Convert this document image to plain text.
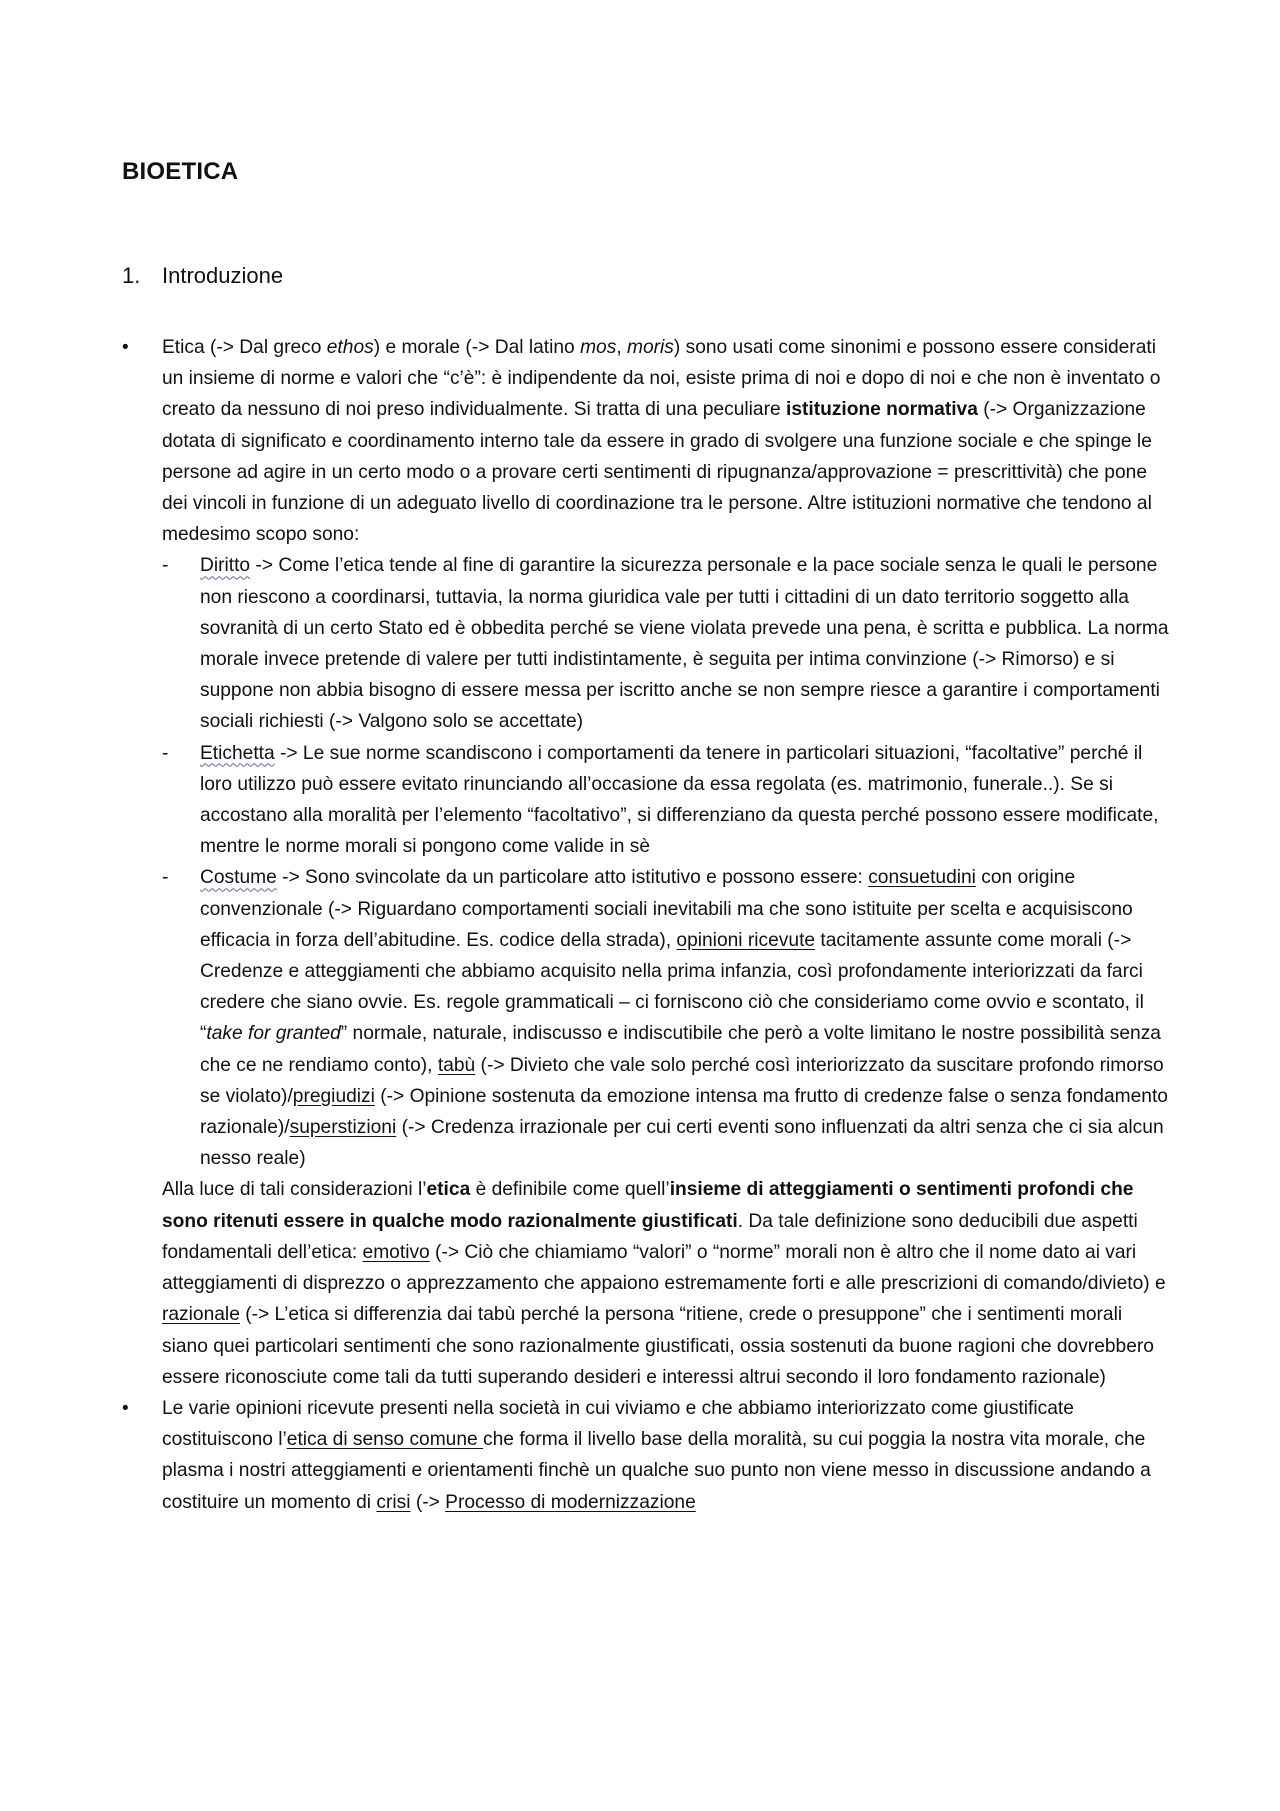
BIOETICA
1. Introduzione
• Etica (-> Dal greco ethos) e morale (-> Dal latino mos, moris) sono usati come sinonimi e possono essere considerati un insieme di norme e valori che “c’è”: è indipendente da noi, esiste prima di noi e dopo di noi e che non è inventato o creato da nessuno di noi preso individualmente. Si tratta di una peculiare istituzione normativa (-> Organizzazione dotata di significato e coordinamento interno tale da essere in grado di svolgere una funzione sociale e che spinge le persone ad agire in un certo modo o a provare certi sentimenti di ripugnanza/approvazione = prescrittività) che pone dei vincoli in funzione di un adeguato livello di coordinazione tra le persone. Altre istituzioni normative che tendono al medesimo scopo sono:
- Diritto -> Come l’etica tende al fine di garantire la sicurezza personale e la pace sociale senza le quali le persone non riescono a coordinarsi, tuttavia, la norma giuridica vale per tutti i cittadini di un dato territorio soggetto alla sovranità di un certo Stato ed è obbedita perché se viene violata prevede una pena, è scritta e pubblica. La norma morale invece pretende di valere per tutti indistintamente, è seguita per intima convinzione (-> Rimorso) e si suppone non abbia bisogno di essere messa per iscritto anche se non sempre riesce a garantire i comportamenti sociali richiesti (-> Valgono solo se accettate)
- Etichetta -> Le sue norme scandiscono i comportamenti da tenere in particolari situazioni, “facoltative” perché il loro utilizzo può essere evitato rinunciando all’occasione da essa regolata (es. matrimonio, funerale..). Se si accostano alla moralità per l’elemento “facoltativo”, si differenziano da questa perché possono essere modificate, mentre le norme morali si pongono come valide in sè
- Costume -> Sono svincolate da un particolare atto istitutivo e possono essere: consuetudini con origine convenzionale (-> Riguardano comportamenti sociali inevitabili ma che sono istituite per scelta e acquisiscono efficacia in forza dell’abitudine. Es. codice della strada), opinioni ricevute tacitamente assunte come morali (-> Credenze e atteggiamenti che abbiamo acquisito nella prima infanzia, così profondamente interiorizzati da farci credere che siano ovvie. Es. regole grammaticali – ci forniscono ciò che consideriamo come ovvio e scontato, il “take for granted” normale, naturale, indiscusso e indiscutibile che però a volte limitano le nostre possibilità senza che ce ne rendiamo conto), tabù (-> Divieto che vale solo perché così interiorizzato da suscitare profondo rimorso se violato)/pregiudizi (-> Opinione sostenuta da emozione intensa ma frutto di credenze false o senza fondamento razionale)/superstizioni (-> Credenza irrazionale per cui certi eventi sono influenzati da altri senza che ci sia alcun nesso reale)
Alla luce di tali considerazioni l’etica è definibile come quell’insieme di atteggiamenti o sentimenti profondi che sono ritenuti essere in qualche modo razionalmente giustificati. Da tale definizione sono deducibili due aspetti fondamentali dell’etica: emotivo (-> Ciò che chiamiamo “valori” o “norme” morali non è altro che il nome dato ai vari atteggiamenti di disprezzo o apprezzamento che appaiono estremamente forti e alle prescrizioni di comando/divieto) e razionale (-> L’etica si differenzia dai tabù perché la persona “ritiene, crede o presuppone” che i sentimenti morali siano quei particolari sentimenti che sono razionalmente giustificati, ossia sostenuti da buone ragioni che dovrebbero essere riconosciute come tali da tutti superando desideri e interessi altrui secondo il loro fondamento razionale)
• Le varie opinioni ricevute presenti nella società in cui viviamo e che abbiamo interiorizzato come giustificate costituiscono l’etica di senso comune che forma il livello base della moralità, su cui poggia la nostra vita morale, che plasma i nostri atteggiamenti e orientamenti finchè un qualche suo punto non viene messo in discussione andando a costituire un momento di crisi (-> Processo di modernizzazione
